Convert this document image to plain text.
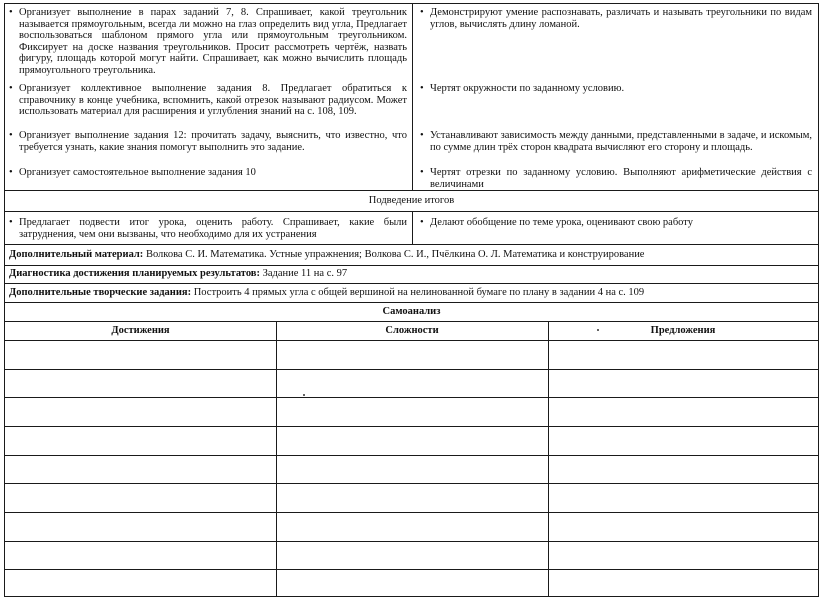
• Организует выполнение в парах заданий 7, 8. Спрашивает, какой треугольник называется прямоугольным, всегда ли можно на глаз определить вид угла, Предлагает воспользоваться шаблоном прямого угла или прямоугольным треугольником. Фиксирует на доске названия треугольников. Просит рассмотреть чертёж, назвать фигуру, площадь которой могут найти. Спрашивает, как можно вычислить площадь прямоугольного треугольника.
• Демонстрируют умение распознавать, различать и называть треугольники по видам углов, вычислять длину ломаной.
• Организует коллективное выполнение задания 8. Предлагает обратиться к справочнику в конце учебника, вспомнить, какой отрезок называют радиусом. Может использовать материал для расширения и углубления знаний на с. 108, 109.
• Чертят окружности по заданному условию.
• Организует выполнение задания 12: прочитать задачу, выяснить, что известно, что требуется узнать, какие знания помогут выполнить это задание.
• Устанавливают зависимость между данными, представленными в задаче, и искомым, по сумме длин трёх сторон квадрата вычисляют его сторону и площадь.
• Организует самостоятельное выполнение задания 10
•	Чертят отрезки по заданному условию. Выполняют арифметические действия с величинами
Подведение итогов
• Предлагает подвести итог урока, оценить работу. Спрашивает, какие были затруднения, чем они вызваны, что необходимо для их устранения
• Делают обобщение по теме урока, оценивают свою работу
Дополнительный материал: Волкова С. И. Математика. Устные упражнения; Волкова С. И., Пчёлкина О. Л. Математика и конструирование
Диагностика достижения планируемых результатов: Задание 11 на с. 97
Дополнительные творческие задания: Построить 4 прямых угла с общей вершиной на нелинованной бумаге по плану в задании 4 на с. 109
Самоанализ
Достижения	Сложности	Предложения
